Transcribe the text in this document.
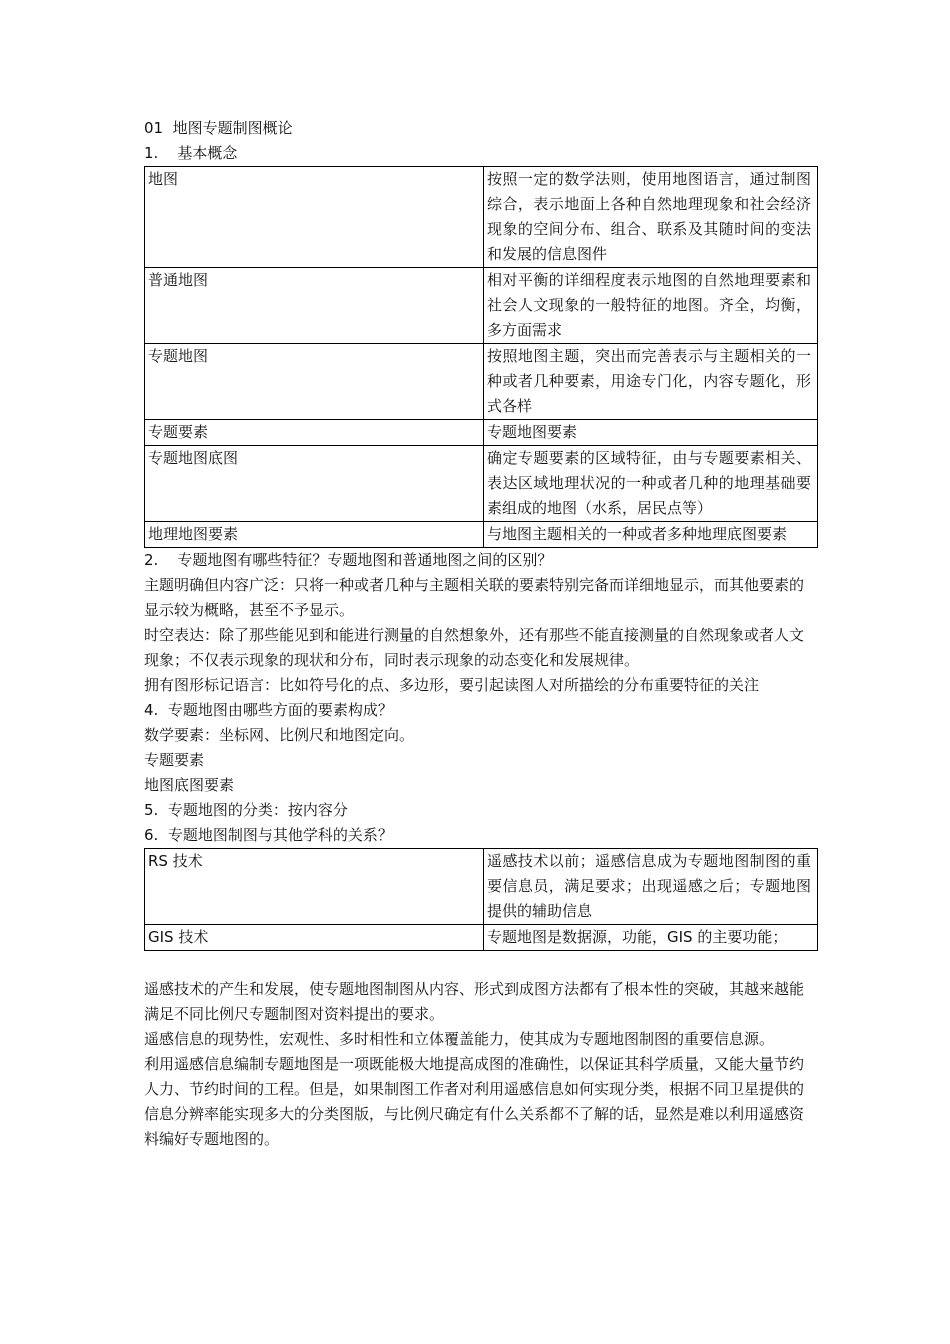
01  地图专题制图概论

1.    基本概念

地图	按照一定的数学法则，使用地图语言，通过制图综合，表示地面上各种自然地理现象和社会经济现象的空间分布、组合、联系及其随时间的变法和发展的信息图件
普通地图	相对平衡的详细程度表示地图的自然地理要素和社会人文现象的一般特征的地图。齐全，均衡，多方面需求
专题地图	按照地图主题，突出而完善表示与主题相关的一种或者几种要素，用途专门化，内容专题化，形式各样
专题要素	专题地图要素
专题地图底图	确定专题要素的区域特征，由与专题要素相关、表达区域地理状况的一种或者几种的地理基础要素组成的地图（水系，居民点等）
地理地图要素	与地图主题相关的一种或者多种地理底图要素

2.    专题地图有哪些特征？专题地图和普通地图之间的区别？

主题明确但内容广泛：只将一种或者几种与主题相关联的要素特别完备而详细地显示，而其他要素的显示较为概略，甚至不予显示。

时空表达：除了那些能见到和能进行测量的自然想象外，还有那些不能直接测量的自然现象或者人文现象；不仅表示现象的现状和分布，同时表示现象的动态变化和发展规律。

拥有图形标记语言：比如符号化的点、多边形，要引起读图人对所描绘的分布重要特征的关注

4.  专题地图由哪些方面的要素构成？

数学要素：坐标网、比例尺和地图定向。

专题要素

地图底图要素

5.  专题地图的分类：按内容分

6.  专题地图制图与其他学科的关系？

RS 技术	遥感技术以前；遥感信息成为专题地图制图的重要信息员，满足要求；出现遥感之后；专题地图提供的辅助信息
GIS 技术	专题地图是数据源，功能，GIS 的主要功能；

遥感技术的产生和发展，使专题地图制图从内容、形式到成图方法都有了根本性的突破，其越来越能满足不同比例尺专题制图对资料提出的要求。

遥感信息的现势性，宏观性、多时相性和立体覆盖能力，使其成为专题地图制图的重要信息源。

利用遥感信息编制专题地图是一项既能极大地提高成图的准确性，以保证其科学质量，又能大量节约人力、节约时间的工程。但是，如果制图工作者对利用遥感信息如何实现分类，根据不同卫星提供的信息分辨率能实现多大的分类图版，与比例尺确定有什么关系都不了解的话，显然是难以利用遥感资料编好专题地图的。
